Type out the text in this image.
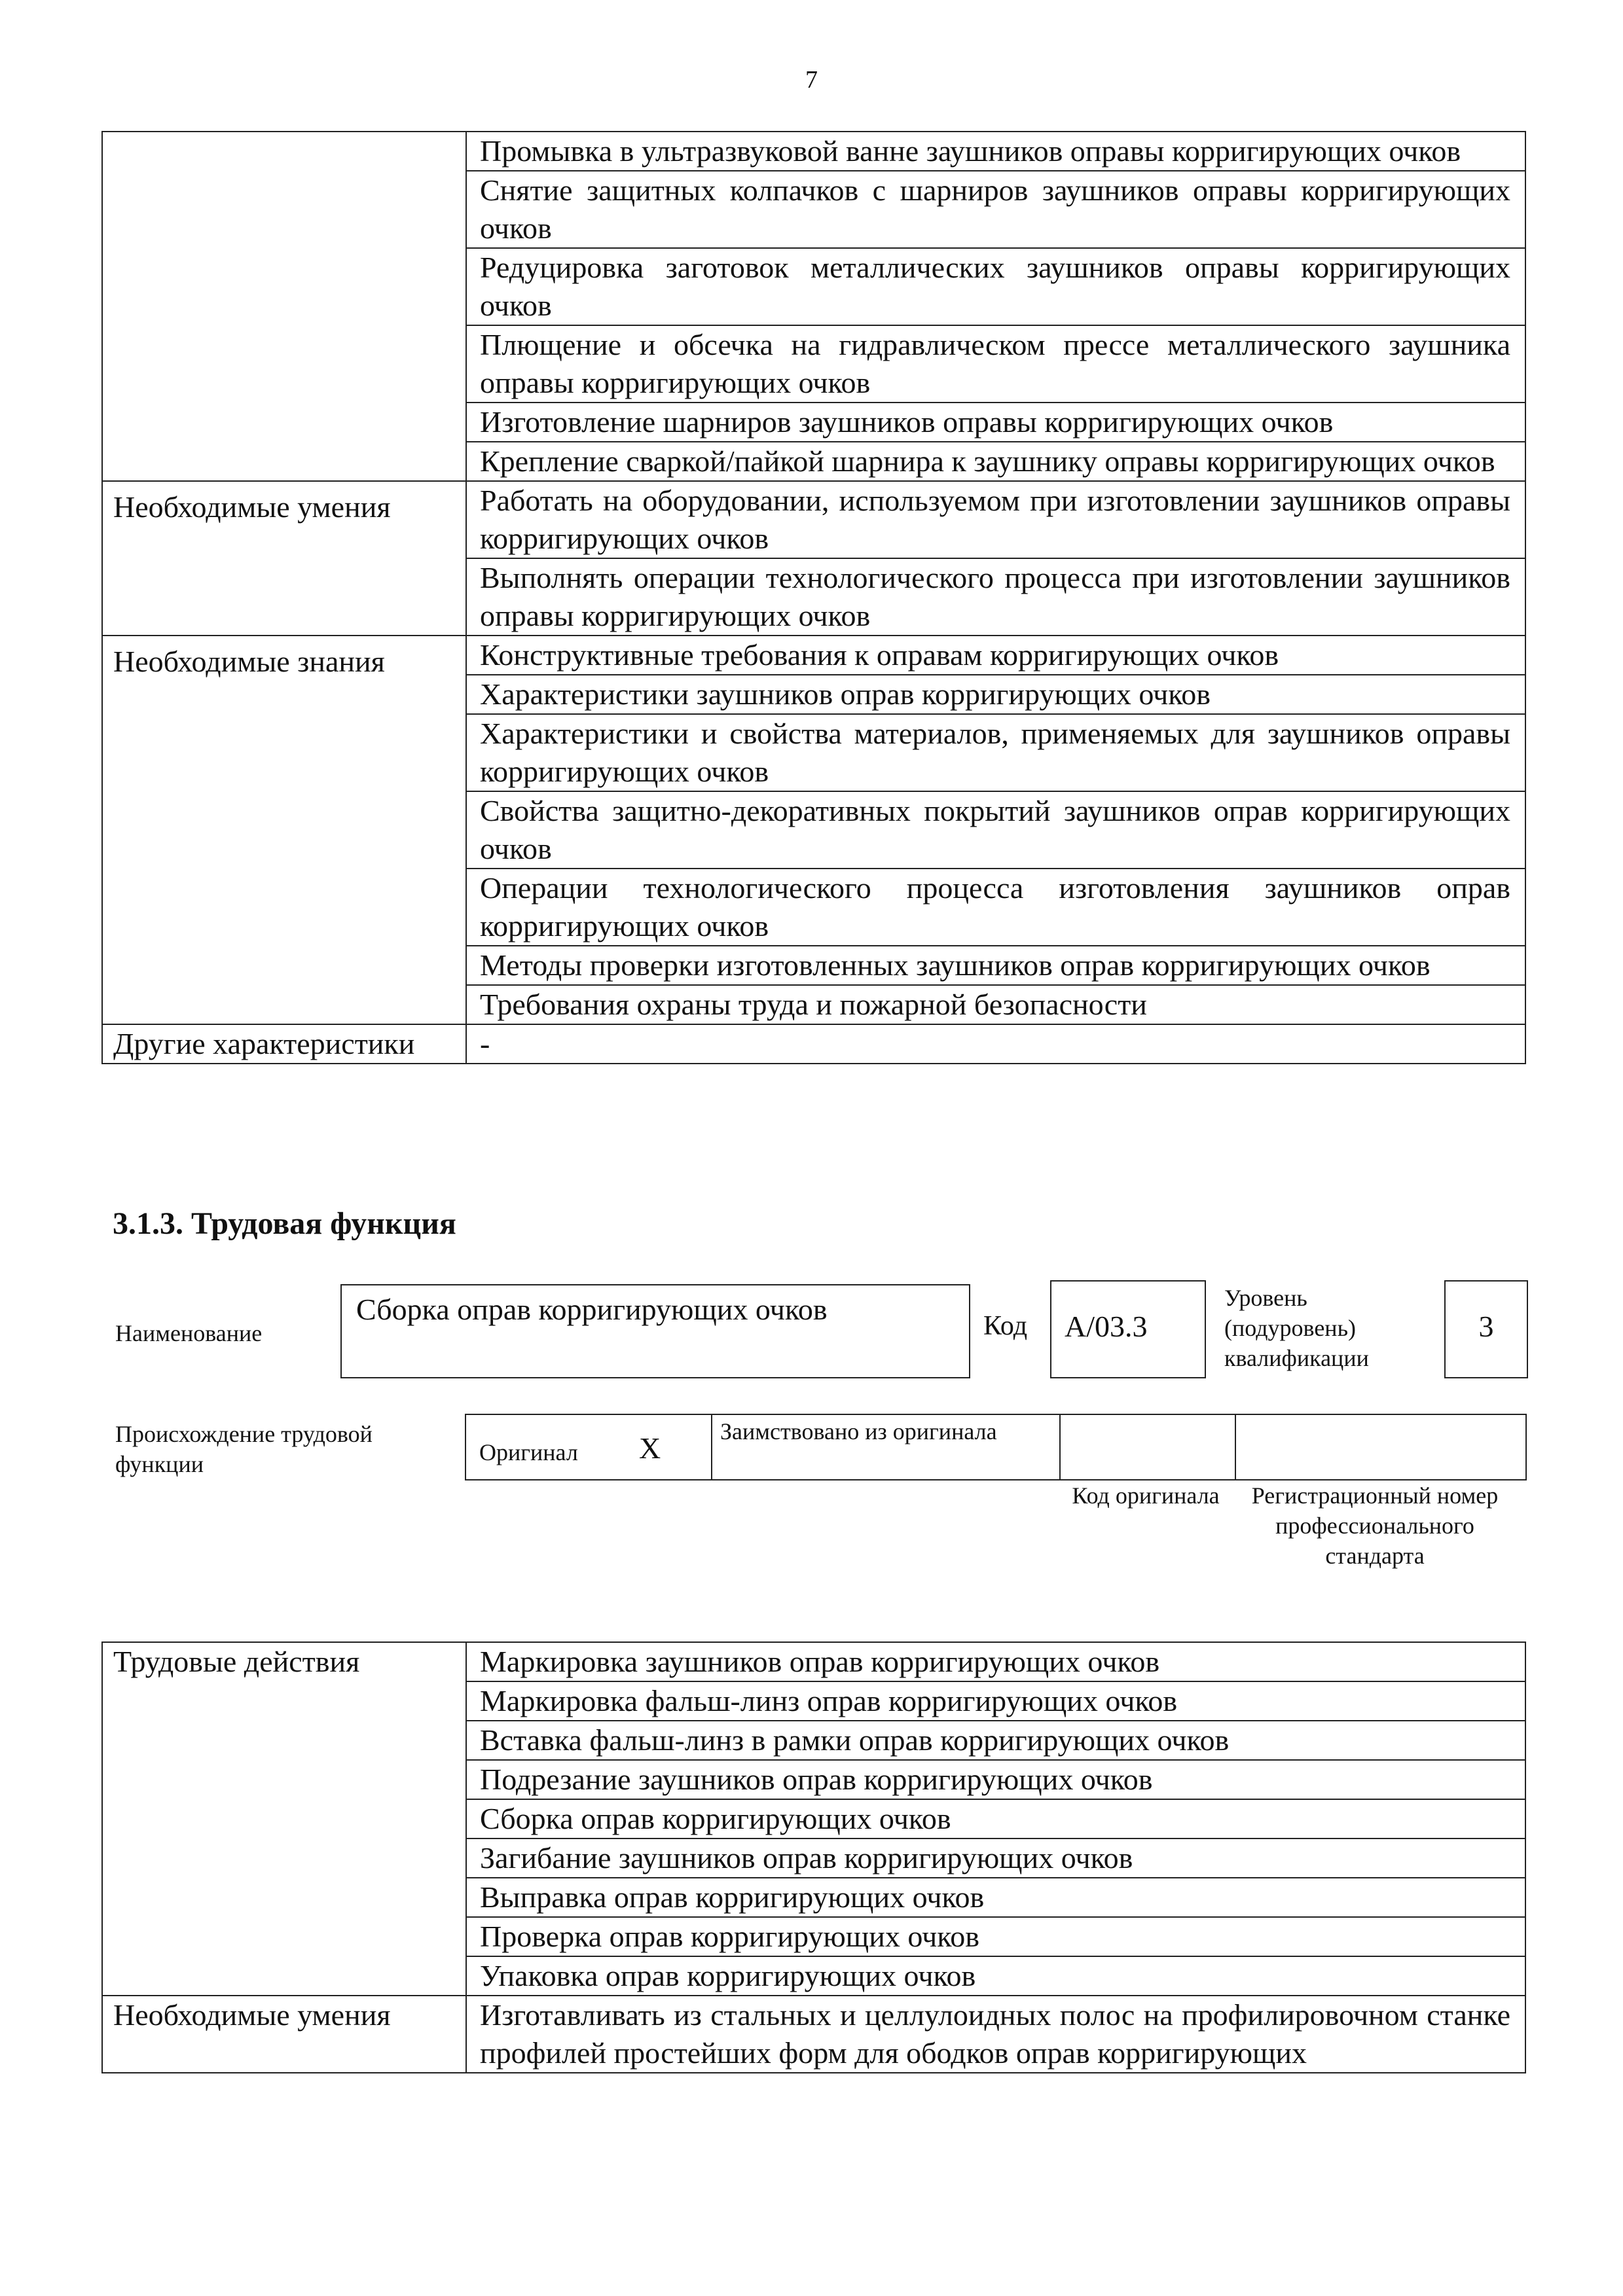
7
	Промывка в ультразвуковой ванне заушников оправы корригирующих очков
	Снятие защитных колпачков с шарниров заушников оправы корригирующих очков
	Редуцировка заготовок металлических заушников оправы корригирующих очков
	Плющение и обсечка на гидравлическом прессе металлического заушника оправы корригирующих очков
	Изготовление шарниров заушников оправы корригирующих очков
	Крепление сваркой/пайкой шарнира к заушнику оправы корригирующих очков
Необходимые умения	Работать на оборудовании, используемом при изготовлении заушников оправы корригирующих очков
	Выполнять операции технологического процесса при изготовлении заушников оправы корригирующих очков
Необходимые знания	Конструктивные требования к оправам корригирующих очков
	Характеристики заушников оправ корригирующих очков
	Характеристики и свойства материалов, применяемых для заушников оправы корригирующих очков
	Свойства защитно-декоративных покрытий заушников оправ корригирующих очков
	Операции технологического процесса изготовления заушников оправ корригирующих очков
	Методы проверки изготовленных заушников оправ корригирующих очков
	Требования охраны труда и пожарной безопасности
Другие характеристики	-
3.1.3. Трудовая функция
Наименование
Сборка оправ корригирующих очков	Код А/03.3
Уровень (подуровень) квалификации
3
Происхождение трудовой функции	Оригинал X	Заимствовано из оригинала
Код оригинала	Регистрационный номер профессионального стандарта
Трудовые действия	Маркировка заушников оправ корригирующих очков
	Маркировка фальш-линз оправ корригирующих очков
	Вставка фальш-линз в рамки оправ корригирующих очков
	Подрезание заушников оправ корригирующих очков
	Сборка оправ корригирующих очков
	Загибание заушников оправ корригирующих очков
	Выправка оправ корригирующих очков
	Проверка оправ корригирующих очков
	Упаковка оправ корригирующих очков
Необходимые умения	Изготавливать из стальных и целлулоидных полос на профилировочном станке профилей простейших форм для ободков оправ корригирующих
